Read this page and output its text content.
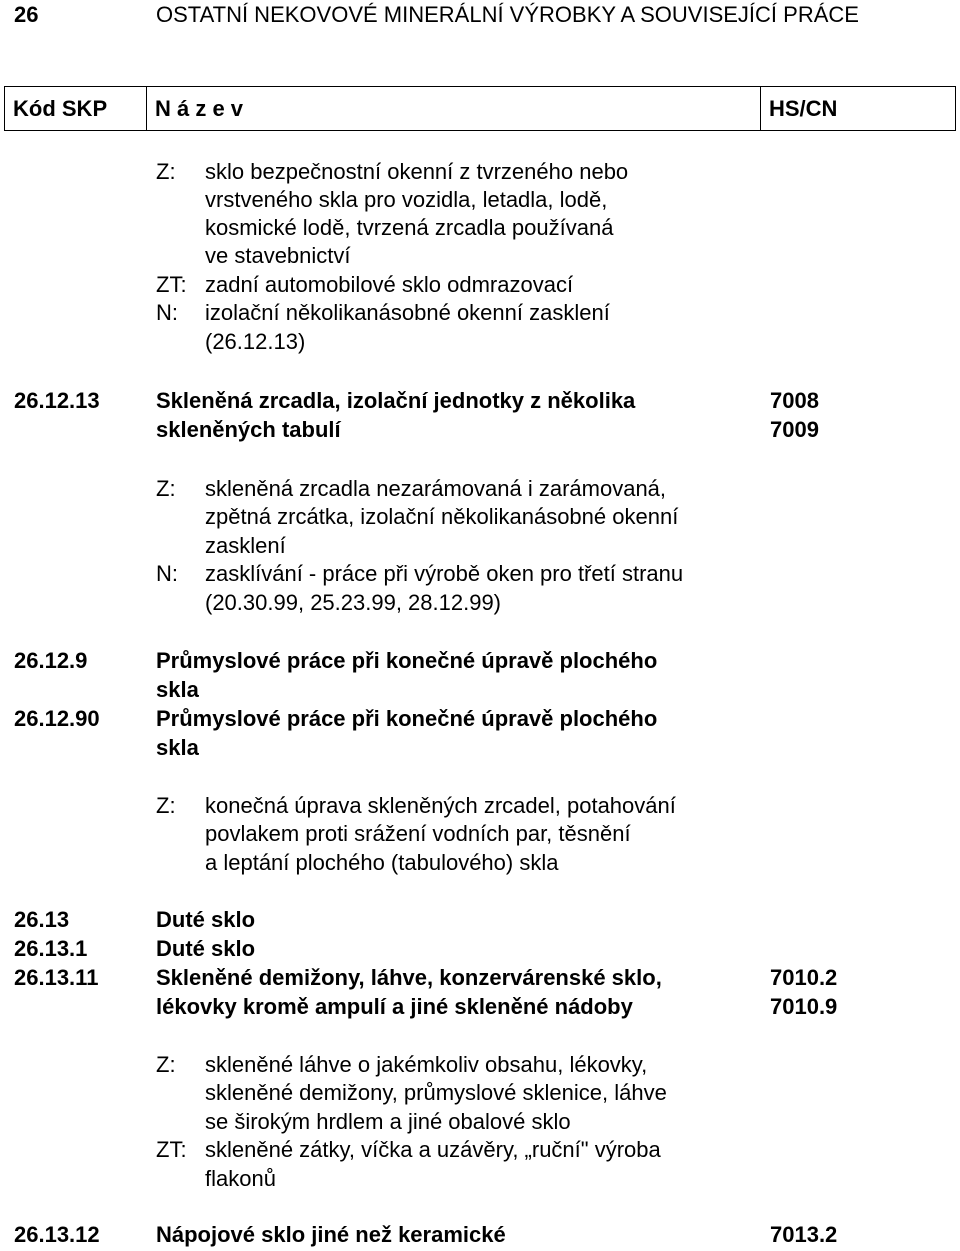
26	OSTATNÍ NEKOVOVÉ MINERÁLNÍ VÝROBKY A SOUVISEJÍCÍ PRÁCE
Kód SKP	N á z e v	HS/CN
Z: sklo bezpečnostní okenní z tvrzeného nebo
vrstveného skla pro vozidla, letadla, lodě,
kosmické lodě, tvrzená zrcadla používaná
ve stavebnictví
ZT: zadní automobilové sklo odmrazovací
N: izolační několikanásobné okenní zasklení
(26.12.13)
26.12.13	Skleněná zrcadla, izolační jednotky z několika	7008
skleněných tabulí	7009
Z: skleněná zrcadla nezarámovaná i zarámovaná,
zpětná zrcátka, izolační několikanásobné okenní
zasklení
N: zasklívání - práce při výrobě oken pro třetí stranu
(20.30.99, 25.23.99, 28.12.99)
26.12.9	Průmyslové práce při konečné úpravě plochého
skla
26.12.90	Průmyslové práce při konečné úpravě plochého
skla
Z: konečná úprava skleněných zrcadel, potahování
povlakem proti srážení vodních par, těsnění
a leptání plochého (tabulového) skla
26.13	Duté sklo
26.13.1	Duté sklo
26.13.11	Skleněné demižony, láhve, konzervárenské sklo,	7010.2
lékovky kromě ampulí a jiné skleněné nádoby	7010.9
Z: skleněné láhve o jakémkoliv obsahu, lékovky,
skleněné demižony, průmyslové sklenice, láhve
se širokým hrdlem a jiné obalové sklo
ZT: skleněné zátky, víčka a uzávěry, „ruční" výroba
flakonů
26.13.12	Nápojové sklo jiné než keramické	7013.2
